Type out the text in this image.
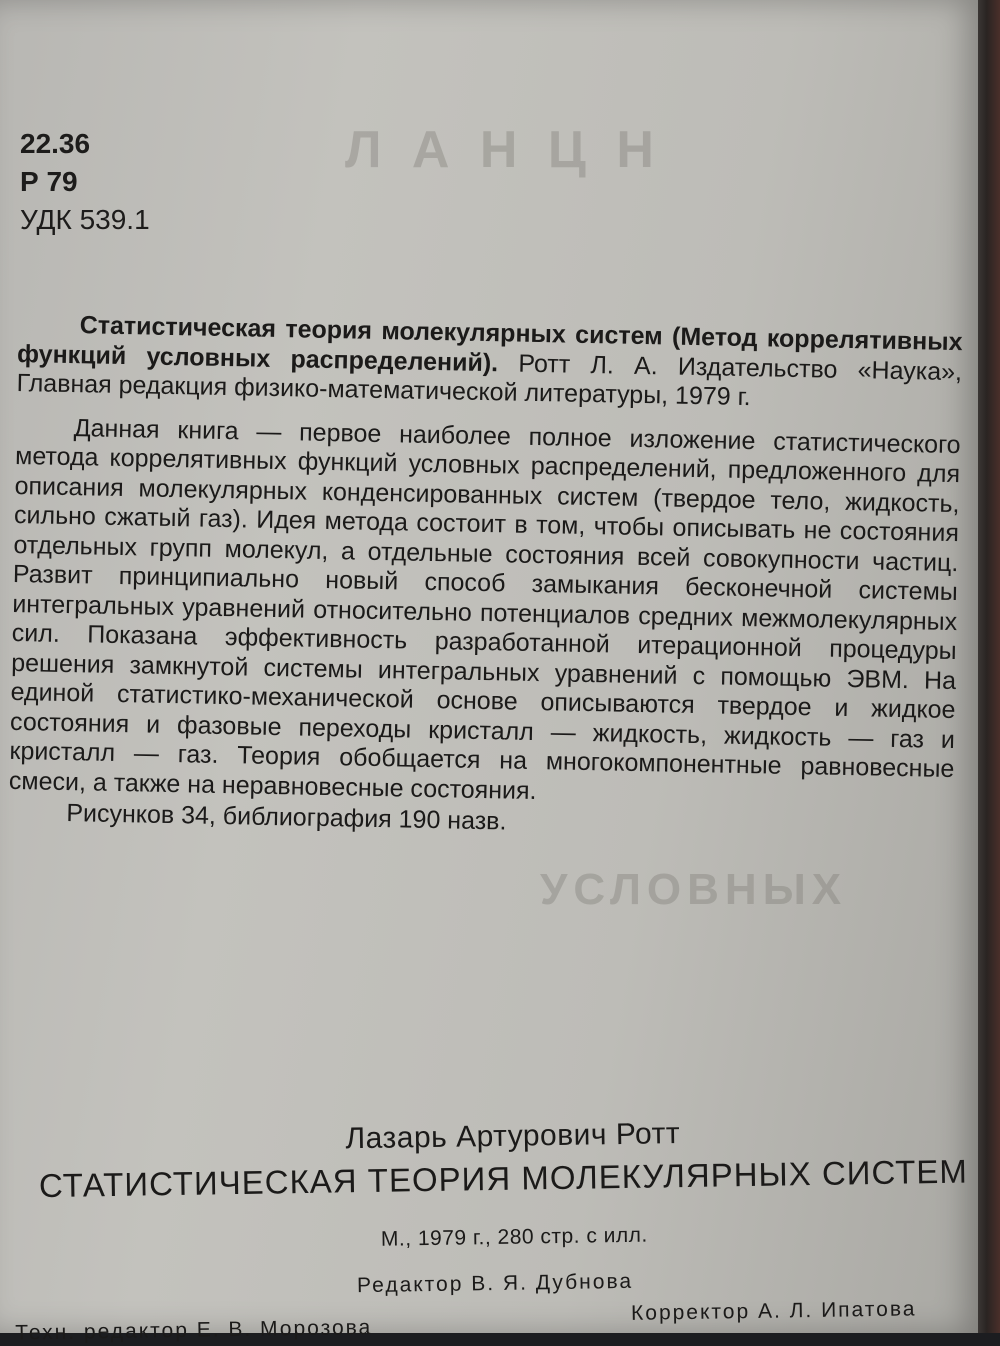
Л А Н Ц Н
УСЛОВНЫХ
22.36
Р 79
УДК 539.1

Статистическая теория молекулярных систем (Метод коррелятивных функций условных распределений). Ротт Л. А. Издательство «Наука», Главная редакция физико-математической литературы, 1979 г.

Данная книга — первое наиболее полное изложение статистического метода коррелятивных функций условных распределений, предложенного для описания молекулярных конденсированных систем (твердое тело, жидкость, сильно сжатый газ). Идея метода состоит в том, чтобы описывать не состояния отдельных групп молекул, а отдельные состояния всей совокупности частиц. Развит принципиально новый способ замыкания бесконечной системы интегральных уравнений относительно потенциалов средних межмолекулярных сил. Показана эффективность разработанной итерационной процедуры решения замкнутой системы интегральных уравнений с помощью ЭВМ. На единой статистико-механической основе описываются твердое и жидкое состояния и фазовые переходы кристалл — жидкость, жидкость — газ и кристалл — газ. Теория обобщается на многокомпонентные равновесные смеси, а также на неравновесные состояния.

Рисунков 34, библиография 190 назв.

Лазарь Артурович Ротт
СТАТИСТИЧЕСКАЯ ТЕОРИЯ МОЛЕКУЛЯРНЫХ СИСТЕМ
М., 1979 г., 280 стр. с илл.
Редактор В. Я. Дубнова
Техн. редактор Е. В. Морозова
Корректор А. Л. Ипатова
